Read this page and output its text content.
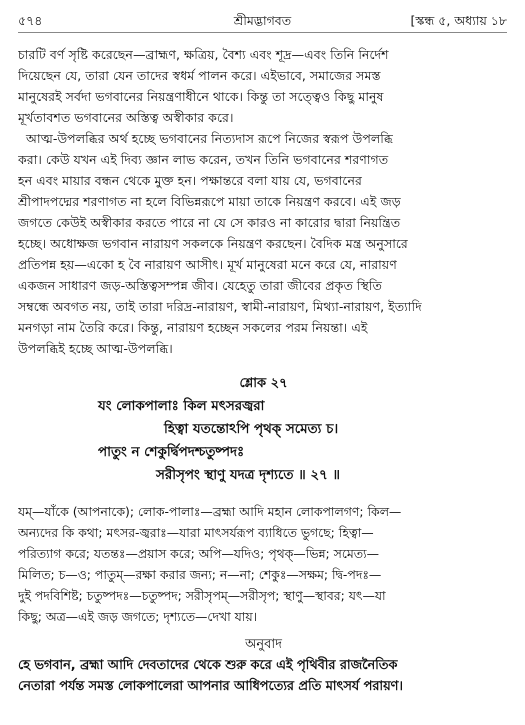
৫৭৪	শ্রীমদ্ভাগবত	[স্কন্ধ ৫, অধ্যায় ১৮
চারটি বর্ণ সৃষ্টি করেছেন—ব্রাহ্মণ, ক্ষত্রিয়, বৈশ্য এবং শূদ্র—এবং তিনি নির্দেশ
দিয়েছেন যে, তারা যেন তাদের স্বধর্ম পালন করে। এইভাবে, সমাজের সমস্ত
মানুষেরই সর্বদা ভগবানের নিয়ন্ত্রণাধীনে থাকে। কিন্তু তা সত্ত্বেও কিছু মানুষ
মূর্খতাবশত ভগবানের অস্তিত্ব অস্বীকার করে।
আত্ম-উপলব্ধির অর্থ হচ্ছে ভগবানের নিত্যদাস রূপে নিজের স্বরূপ উপলব্ধি
করা। কেউ যখন এই দিব্য জ্ঞান লাভ করেন, তখন তিনি ভগবানের শরণাগত
হন এবং মায়ার বন্ধন থেকে মুক্ত হন। পক্ষান্তরে বলা যায় যে, ভগবানের
শ্রীপাদপদ্মের শরণাগত না হলে বিভিন্নরূপে মায়া তাকে নিয়ন্ত্রণ করবে। এই জড়
জগতে কেউই অস্বীকার করতে পারে না যে সে কারও না কারোর দ্বারা নিয়ন্ত্রিত
হচ্ছে। অধোক্ষজ ভগবান নারায়ণ সকলকে নিয়ন্ত্রণ করছেন। বৈদিক মন্ত্র অনুসারে
প্রতিপন্ন হয়—একো হ বৈ নারায়ণ আসীৎ। মূর্খ মানুষেরা মনে করে যে, নারায়ণ
একজন সাধারণ জড়-অস্তিত্বসম্পন্ন জীব। যেহেতু তারা জীবের প্রকৃত স্থিতি
সম্বন্ধে অবগত নয়, তাই তারা দরিদ্র-নারায়ণ, স্বামী-নারায়ণ, মিথ্যা-নারায়ণ, ইত্যাদি
মনগড়া নাম তৈরি করে। কিন্তু, নারায়ণ হচ্ছেন সকলের পরম নিয়ন্তা। এই
উপলব্ধিই হচ্ছে আত্ম-উপলব্ধি।
শ্লোক ২৭
যং লোকপালাঃ কিল মৎসরজ্বরা
হিত্বা যতন্তোঽপি পৃথক্ সমেত্য চ।
পাতুং ন শেকুর্দ্বিপদশ্চতুষ্পদঃ
সরীসৃপং স্থাণু যদত্র দৃশ্যতে ॥ ২৭ ॥
যম্—যাঁকে (আপনাকে); লোক-পালাঃ—ব্রহ্মা আদি মহান লোকপালগণ; কিল—
অন্যদের কি কথা; মৎসর-জ্বরাঃ—যারা মাৎসর্যরূপ ব্যাধিতে ভুগছে; হিত্বা—
পরিত্যাগ করে; যতন্তঃ—প্রয়াস করে; অপি—যদিও; পৃথক্—ভিন্ন; সমেত্য—
মিলিত; চ—ও; পাতুম্—রক্ষা করার জন্য; ন—না; শেকুঃ—সক্ষম; দ্বি-পদঃ—
দুই পদবিশিষ্ট; চতুষ্পদঃ—চতুষ্পদ; সরীসৃপম্—সরীসৃপ; স্থাণু—স্থাবর; যৎ—যা
কিছু; অত্র—এই জড় জগতে; দৃশ্যতে—দেখা যায়।
অনুবাদ
হে ভগবান, ব্রহ্মা আদি দেবতাদের থেকে শুরু করে এই পৃথিবীর রাজনৈতিক
নেতারা পর্যন্ত সমস্ত লোকপালেরা আপনার আধিপত্যের প্রতি মাৎসর্য পরায়ণ।
